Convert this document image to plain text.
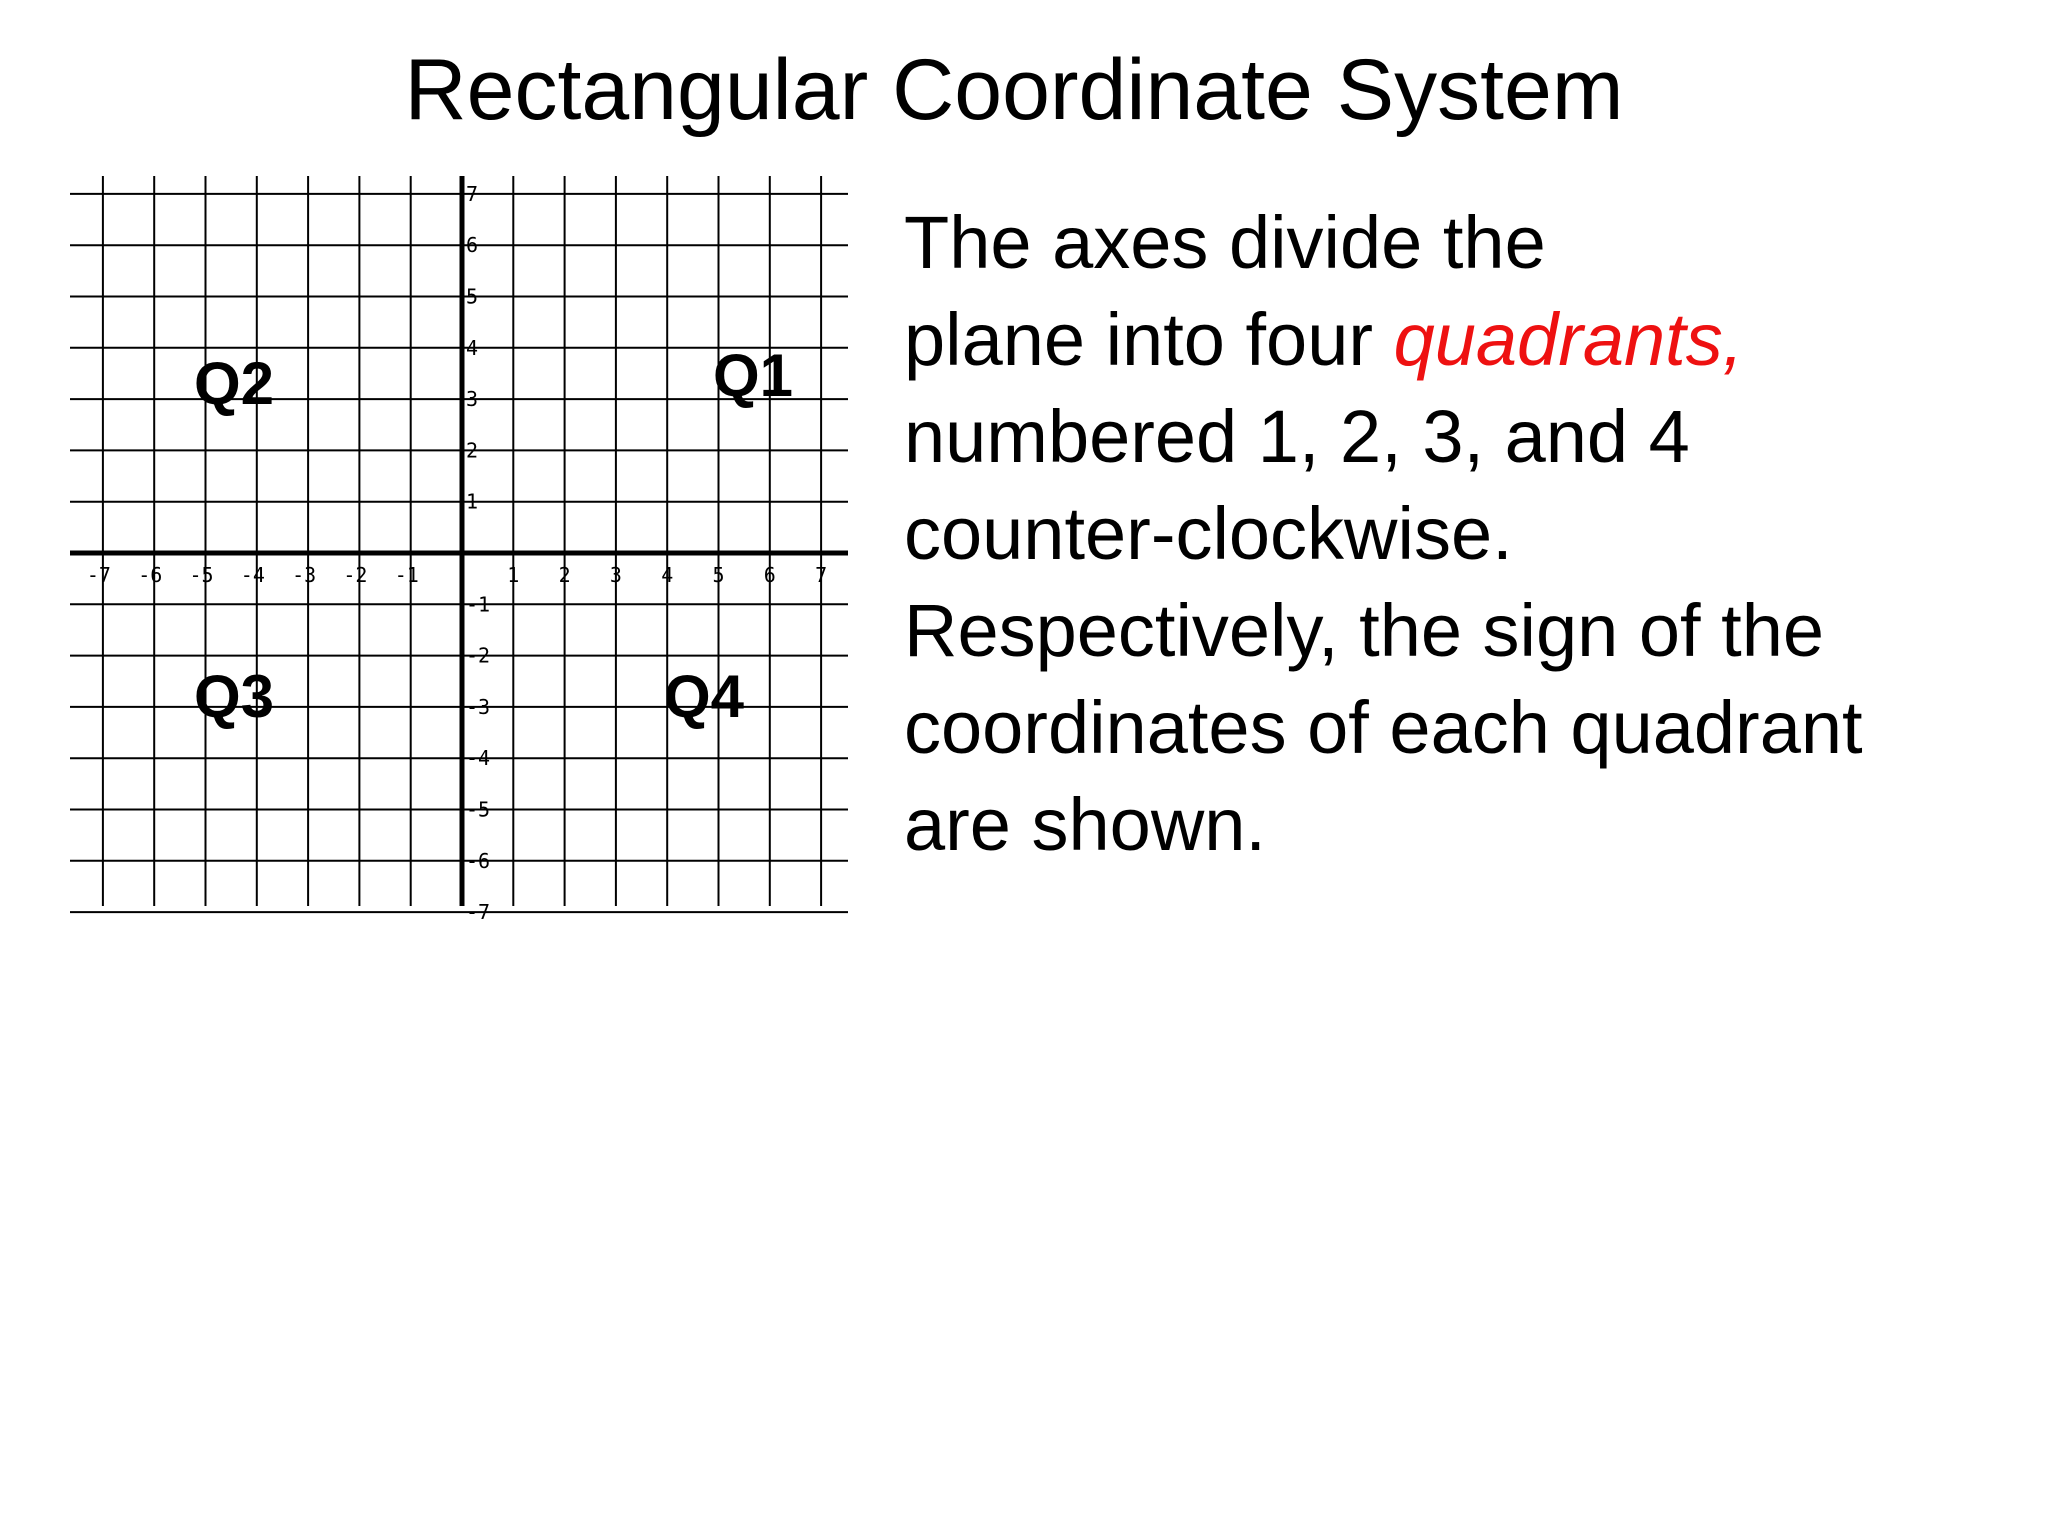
Rectangular Coordinate System
-7 -6 -5 -4 -3 -2 -1	1 2 3 4 5 6 7
7
6
5
4
3
2
1
-1
-2
-3
-4
-5
-6
-7
Q1
Q2
Q3	Q4
The axes divide the
plane into four quadrants,
numbered 1, 2, 3, and 4
counter-clockwise.
Respectively, the sign of the
coordinates of each quadrant
are shown.
